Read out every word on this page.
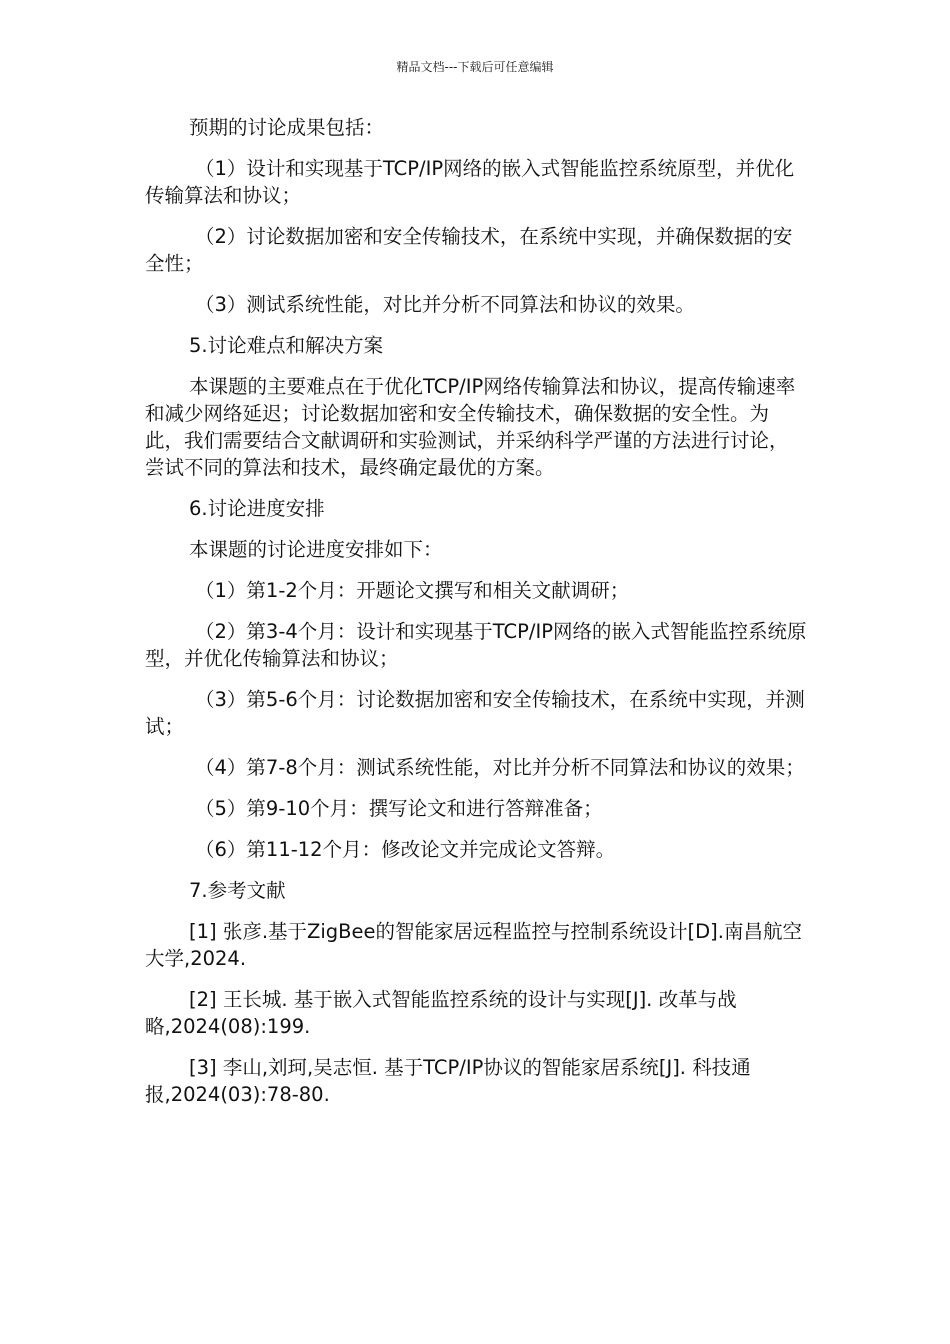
精品文档---下载后可任意编辑

预期的讨论成果包括：

（1）设计和实现基于TCP/IP网络的嵌入式智能监控系统原型，并优化传输算法和协议；

（2）讨论数据加密和安全传输技术，在系统中实现，并确保数据的安全性；

（3）测试系统性能，对比并分析不同算法和协议的效果。

5.讨论难点和解决方案

本课题的主要难点在于优化TCP/IP网络传输算法和协议，提高传输速率和减少网络延迟；讨论数据加密和安全传输技术，确保数据的安全性。为此，我们需要结合文献调研和实验测试，并采纳科学严谨的方法进行讨论，尝试不同的算法和技术，最终确定最优的方案。

6.讨论进度安排

本课题的讨论进度安排如下：

（1）第1-2个月：开题论文撰写和相关文献调研；

（2）第3-4个月：设计和实现基于TCP/IP网络的嵌入式智能监控系统原型，并优化传输算法和协议；

（3）第5-6个月：讨论数据加密和安全传输技术，在系统中实现，并测试；

（4）第7-8个月：测试系统性能，对比并分析不同算法和协议的效果；

（5）第9-10个月：撰写论文和进行答辩准备；

（6）第11-12个月：修改论文并完成论文答辩。

7.参考文献

[1] 张彦.基于ZigBee的智能家居远程监控与控制系统设计[D].南昌航空大学,2024.

[2] 王长城. 基于嵌入式智能监控系统的设计与实现[J]. 改革与战略,2024(08):199.

[3] 李山,刘珂,吴志恒. 基于TCP/IP协议的智能家居系统[J]. 科技通报,2024(03):78-80.
